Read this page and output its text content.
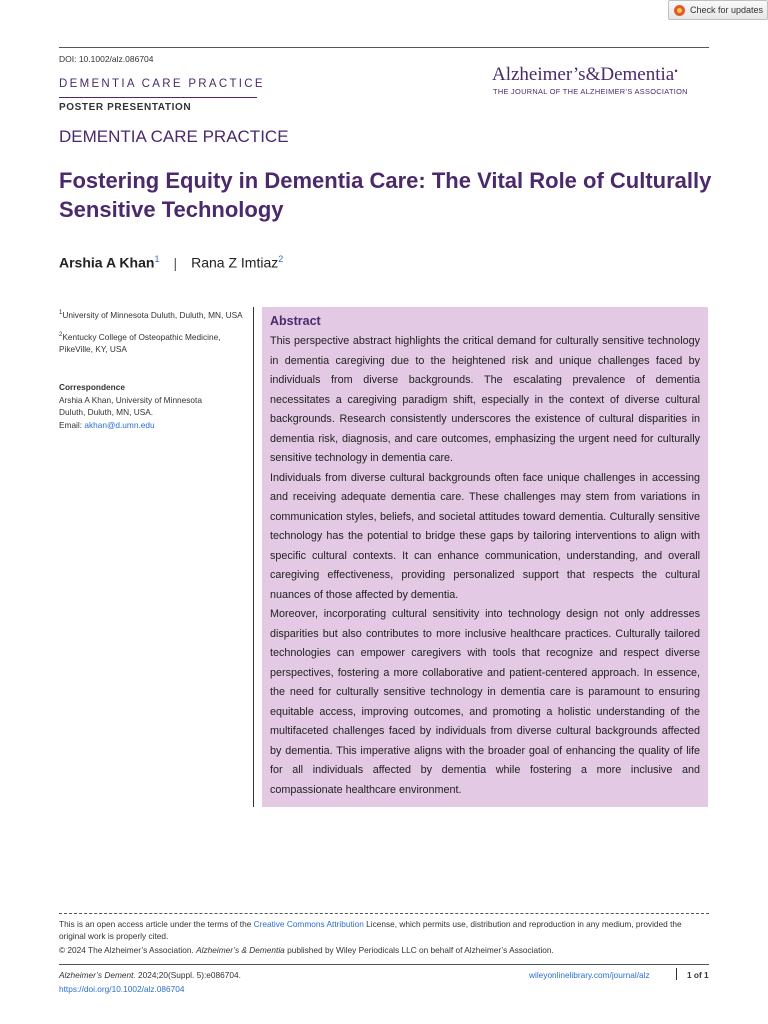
Check for updates
DOI: 10.1002/alz.086704
DEMENTIA CARE PRACTICE
POSTER PRESENTATION
Alzheimer’s&Dementia●
THE JOURNAL OF THE ALZHEIMER’S ASSOCIATION
DEMENTIA CARE PRACTICE
Fostering Equity in Dementia Care: The Vital Role of Culturally Sensitive Technology
Arshia A Khan$^1$ | Rana Z Imtiaz$^2$

$^1$University of Minnesota Duluth, Duluth, MN, USA

$^2$Kentucky College of Osteopathic Medicine, PikeVille, KY, USA

Correspondence
Arshia A Khan, University of Minnesota
Duluth, Duluth, MN, USA.
Email: akhan@d.umn.edu
Abstract

This perspective abstract highlights the critical demand for culturally sensitive technology in dementia caregiving due to the heightened risk and unique challenges faced by individuals from diverse backgrounds. The escalating prevalence of dementia necessitates a caregiving paradigm shift, especially in the context of diverse cultural backgrounds. Research consistently underscores the existence of cultural disparities in dementia risk, diagnosis, and care outcomes, emphasizing the urgent need for culturally sensitive technology in dementia care.

Individuals from diverse cultural backgrounds often face unique challenges in accessing and receiving adequate dementia care. These challenges may stem from variations in communication styles, beliefs, and societal attitudes toward dementia. Culturally sensitive technology has the potential to bridge these gaps by tailoring interventions to align with specific cultural contexts. It can enhance communication, understanding, and overall caregiving effectiveness, providing personalized support that respects the cultural nuances of those affected by dementia.

Moreover, incorporating cultural sensitivity into technology design not only addresses disparities but also contributes to more inclusive healthcare practices. Culturally tailored technologies can empower caregivers with tools that recognize and respect diverse perspectives, fostering a more collaborative and patient-centered approach. In essence, the need for culturally sensitive technology in dementia care is paramount to ensuring equitable access, improving outcomes, and promoting a holistic understanding of the multifaceted challenges faced by individuals from diverse cultural backgrounds affected by dementia. This imperative aligns with the broader goal of enhancing the quality of life for all individuals affected by dementia while fostering a more inclusive and compassionate healthcare environment.

This is an open access article under the terms of the Creative Commons Attribution License, which permits use, distribution and reproduction in any medium, provided the original work is properly cited.
© 2024 The Alzheimer’s Association. Alzheimer’s & Dementia published by Wiley Periodicals LLC on behalf of Alzheimer’s Association.
Alzheimer’s Dement. 2024;20(Suppl. 5):e086704.
https://doi.org/10.1002/alz.086704
wileyonlinelibrary.com/journal/alz	1 of 1
